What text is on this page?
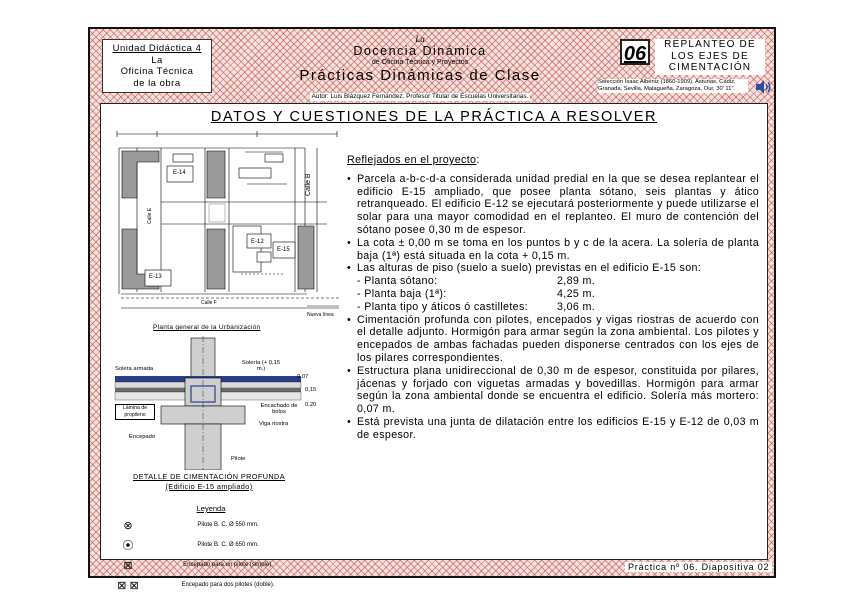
Unidad Didáctica 4
La
Oficina Técnica
de la obra
La
Docencia Dinámica
de Oficina Técnica y Proyectos
Prácticas Dinámicas de Clase
Autor: Luis Blázquez Fernández. Profesor Titular de Escuelas Universitarias.
06	REPLANTEO DE
LOS EJES DE
CIMENTACIÓN
Selección Isaac Albéniz (1860-1909). Asturias, Cádiz, Granada, Sevilla, Malagueña, Zaragoza, Our, 30' 11''.
DATOS Y CUESTIONES DE LA PRÁCTICA A RESOLVER
E-14
E-13
E-12
E-15
Calle E
Calle B
Calle F
Nueva línea
Planta general de la Urbanización
Solera armada
Solería (+ 0,15 m.)
0,07
0,15
0,20
Lámina de propileno
Encachado de bolos
Viga riostra
Encepado
Pilote
DETALLE DE CIMENTACIÓN PROFUNDA
(Edificio E-15 ampliado)
Leyenda
⊗	Pilote B. C. Ø 550 mm.
⦿	Pilote B. C. Ø 650 mm.
⊠	Encepado para un pilote (simple).
⊠ ⊠	Encepado para dos pilotes (doble).
Reflejados en el proyecto:
• Parcela a-b-c-d-a considerada unidad predial en la que se desea replantear el edificio E-15 ampliado, que posee planta sótano, seis plantas y ático retranqueado. El edificio E-12 se ejecutará posteriormente y puede utilizarse el solar para una mayor comodidad en el replanteo. El muro de contención del sótano posee 0,30 m de espesor.
• La cota ± 0,00 m se toma en los puntos b y c de la acera. La solería de planta baja (1ª) está situada en la cota + 0,15 m.
• Las alturas de piso (suelo a suelo) previstas en el edificio E-15 son:
- Planta sótano:	2,89 m.
- Planta baja (1ª):	4,25 m.
- Planta tipo y áticos ó castilletes:	3,06 m.
• Cimentación profunda con pilotes, encepados y vigas riostras de acuerdo con el detalle adjunto. Hormigón para armar según la zona ambiental. Los pilotes y encepados de ambas fachadas pueden disponerse centrados con los ejes de los pilares correspondientes.
• Estructura plana unidireccional de 0,30 m de espesor, constituida por pilares, jácenas y forjado con viguetas armadas y bovedillas. Hormigón para armar según la zona ambiental donde se encuentra el edificio. Solería más mortero: 0,07 m.
• Está prevista una junta de dilatación entre los edificios E-15 y E-12 de 0,03 m de espesor.
Práctica nº 06. Diapositiva 02
